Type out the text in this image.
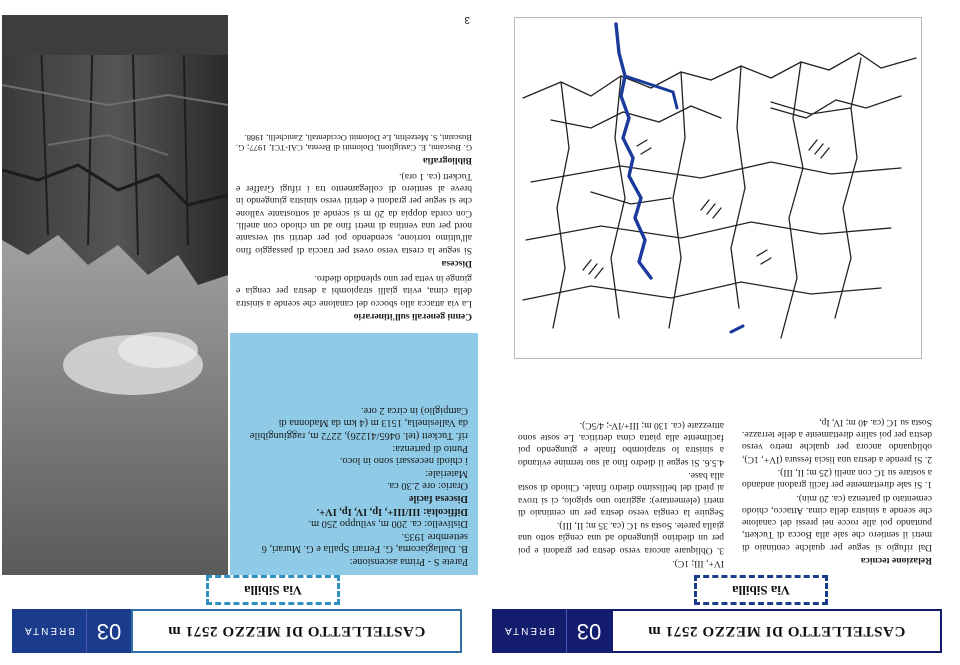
CASTELLETTO DI MEZZO 2571 m
03
BRENTA
Via Sibilla
Relazione tecnica

Dal rifugio si segue per qualche centinaio di metri il sentiero che sale alla Bocca di Tuckett, puntando poi alle rocce nei pressi del canalone che scende a sinistra della cima. Attacco, chiodo cementato di partenza (ca. 20 min).

1. Si sale direttamente per facili gradoni andando a sostare su 1C con anelli (25 m; II, III).

2. Si prende a destra una liscia fessura (IV+, 1C), obliquando ancora per qualche metro verso destra per poi salire direttamente a delle terrazze. Sosta su 1C (ca. 40 m; IV, Ip,

IV+, III; 1C).

3. Obliquare ancora verso destra per gradoni e poi per un diedrino giungendo ad una cengia sotto una gialla parete. Sosta su 1C (ca. 35 m; II, III).

Seguire la cengia verso destra per un centinaio di metri (elementare): aggirato uno spigolo, ci si trova ai piedi del bellissimo diedro finale. Chiodo di sosta alla base.

4.5.6. Si segue il diedro fino al suo termine evitando a sinistra lo strapiombo finale e giungendo poi facilmente alla piatta cima detritica. Le soste sono attrezzate (ca. 130 m; III+/IV-; 4/5C).

CASTELLETTO DI MEZZO 2571 m
03
BRENTA
Via Sibilla

Parete S - Prima ascensione:

B. Dallagiacoma, G. Ferrari Spalla e G. Murari, 6 settembre 1935.

Dislivello: ca. 200 m, sviluppo 250 m.

Difficoltà: III/III+, Ip, IV, Ip, IV+.

Discesa facile

Orario: ore 2.30 ca.

Materiale:

i chiodi necessari sono in loco.

Punto di partenza:

rif. Tuckett (tel. 0465/41226), 2272 m, raggiungibile da Vallesinella, 1513 m (4 km da Madonna di Campiglio) in circa 2 ore.

Cenni generali sull'itinerario

La via attacca allo sbocco del canalone che scende a sinistra della cima, evita gialli strapiombi a destra per cengia e giunge in vetta per uno splendido diedro.

Discesa

Si segue la cresta verso ovest per traccia di passaggio fino all'ultimo torrione, scendendo poi per detriti sul versante nord per una ventina di metri fino ad un chiodo con anelli. Con corda doppia da 20 m si scende al sottostante vallone che si segue per gradoni e detriti verso sinistra giungendo in breve al sentiero di collegamento tra i rifugi Graffer e Tuckett (ca. 1 ora).

Bibliografia

G. Buscaini, E. Castiglioni, Dolomiti di Brenta, CAI-TCI, 1977; G. Buscaini, S. Metzeltin, Le Dolomiti Occidentali, Zanichelli, 1988.

3
